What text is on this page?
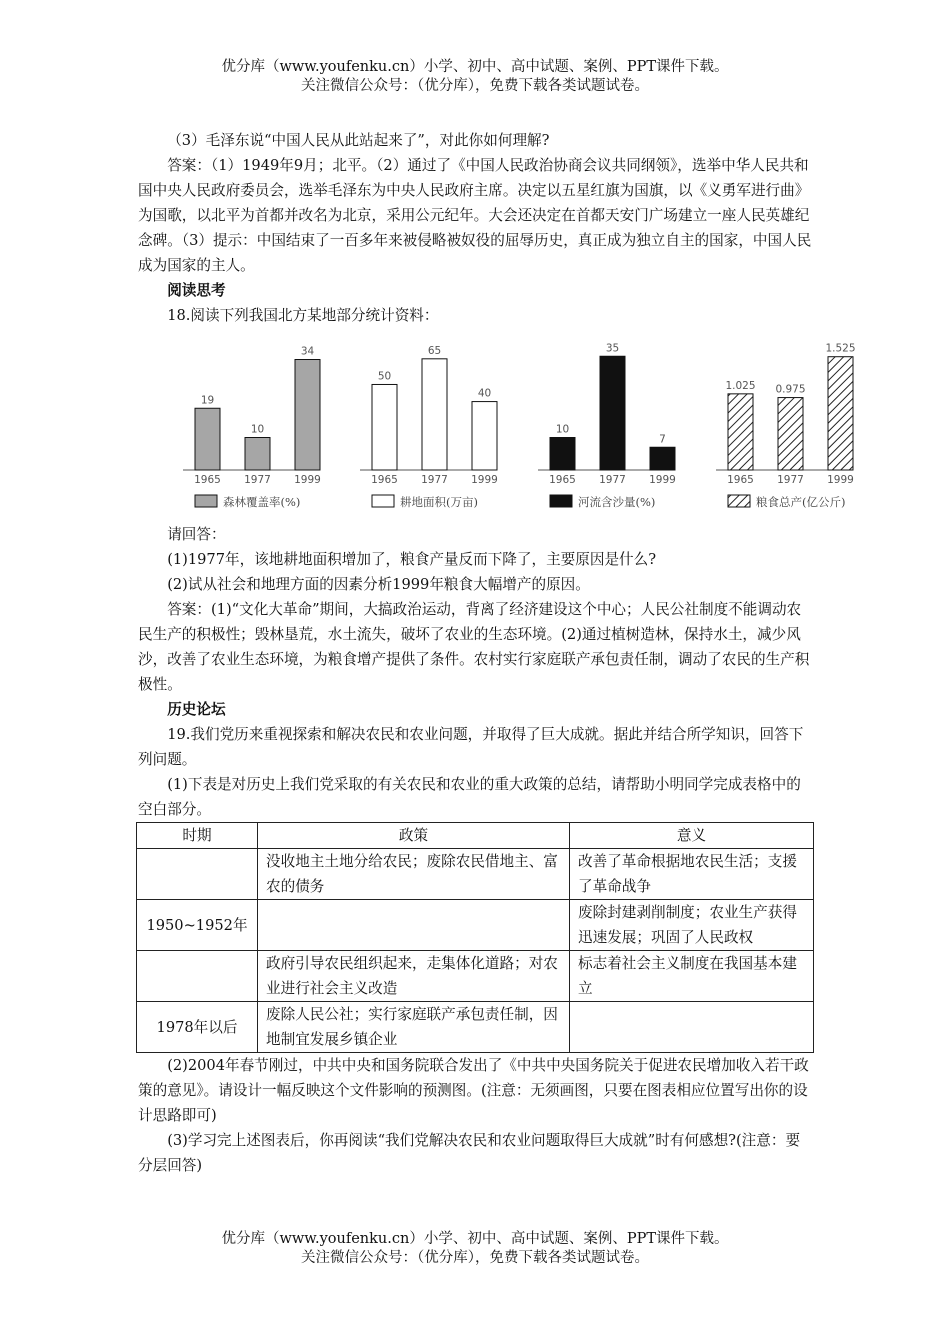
优分库（www.youfenku.cn）小学、初中、高中试题、案例、PPT课件下载。
关注微信公众号：（优分库），免费下载各类试题试卷。

（3）毛泽东说“中国人民从此站起来了”，对此你如何理解?

答案：（1）1949年9月；北平。（2）通过了《中国人民政治协商会议共同纲领》，选举中华人民共和国中央人民政府委员会，选举毛泽东为中央人民政府主席。决定以五星红旗为国旗，以《义勇军进行曲》为国歌，以北平为首都并改名为北京，采用公元纪年。大会还决定在首都天安门广场建立一座人民英雄纪念碑。（3）提示：中国结束了一百多年来被侵略被奴役的屈辱历史，真正成为独立自主的国家，中国人民成为国家的主人。

阅读思考

18.阅读下列我国北方某地部分统计资料：

19
1965
10
1977
34
1999
森林覆盖率(%)
50
1965
65
1977
40
1999
耕地面积(万亩)
10
1965
35
1977
7
1999
河流含沙量(%)
1.025
1965
0.975
1977
1.525
1999
粮食总产(亿公斤)

请回答：

(1)1977年，该地耕地面积增加了，粮食产量反而下降了，主要原因是什么?

(2)试从社会和地理方面的因素分析1999年粮食大幅增产的原因。

答案：(1)“文化大革命”期间，大搞政治运动，背离了经济建设这个中心；人民公社制度不能调动农民生产的积极性；毁林垦荒，水土流失，破坏了农业的生态环境。(2)通过植树造林，保持水土，减少风沙，改善了农业生态环境，为粮食增产提供了条件。农村实行家庭联产承包责任制，调动了农民的生产积极性。

历史论坛

19.我们党历来重视探索和解决农民和农业问题，并取得了巨大成就。据此并结合所学知识，回答下列问题。

(1)下表是对历史上我们党采取的有关农民和农业的重大政策的总结，请帮助小明同学完成表格中的空白部分。

时期	政策	意义
	没收地主土地分给农民；废除农民借地主、富农的债务	改善了革命根据地农民生活；支援了革命战争
1950~1952年		废除封建剥削制度；农业生产获得迅速发展；巩固了人民政权
	政府引导农民组织起来，走集体化道路；对农业进行社会主义改造	标志着社会主义制度在我国基本建立
1978年以后	废除人民公社；实行家庭联产承包责任制，因地制宜发展乡镇企业	

(2)2004年春节刚过，中共中央和国务院联合发出了《中共中央国务院关于促进农民增加收入若干政策的意见》。请设计一幅反映这个文件影响的预测图。(注意：无须画图，只要在图表相应位置写出你的设计思路即可)

(3)学习完上述图表后，你再阅读“我们党解决农民和农业问题取得巨大成就”时有何感想?(注意：要分层回答)

优分库（www.youfenku.cn）小学、初中、高中试题、案例、PPT课件下载。
关注微信公众号：（优分库），免费下载各类试题试卷。
